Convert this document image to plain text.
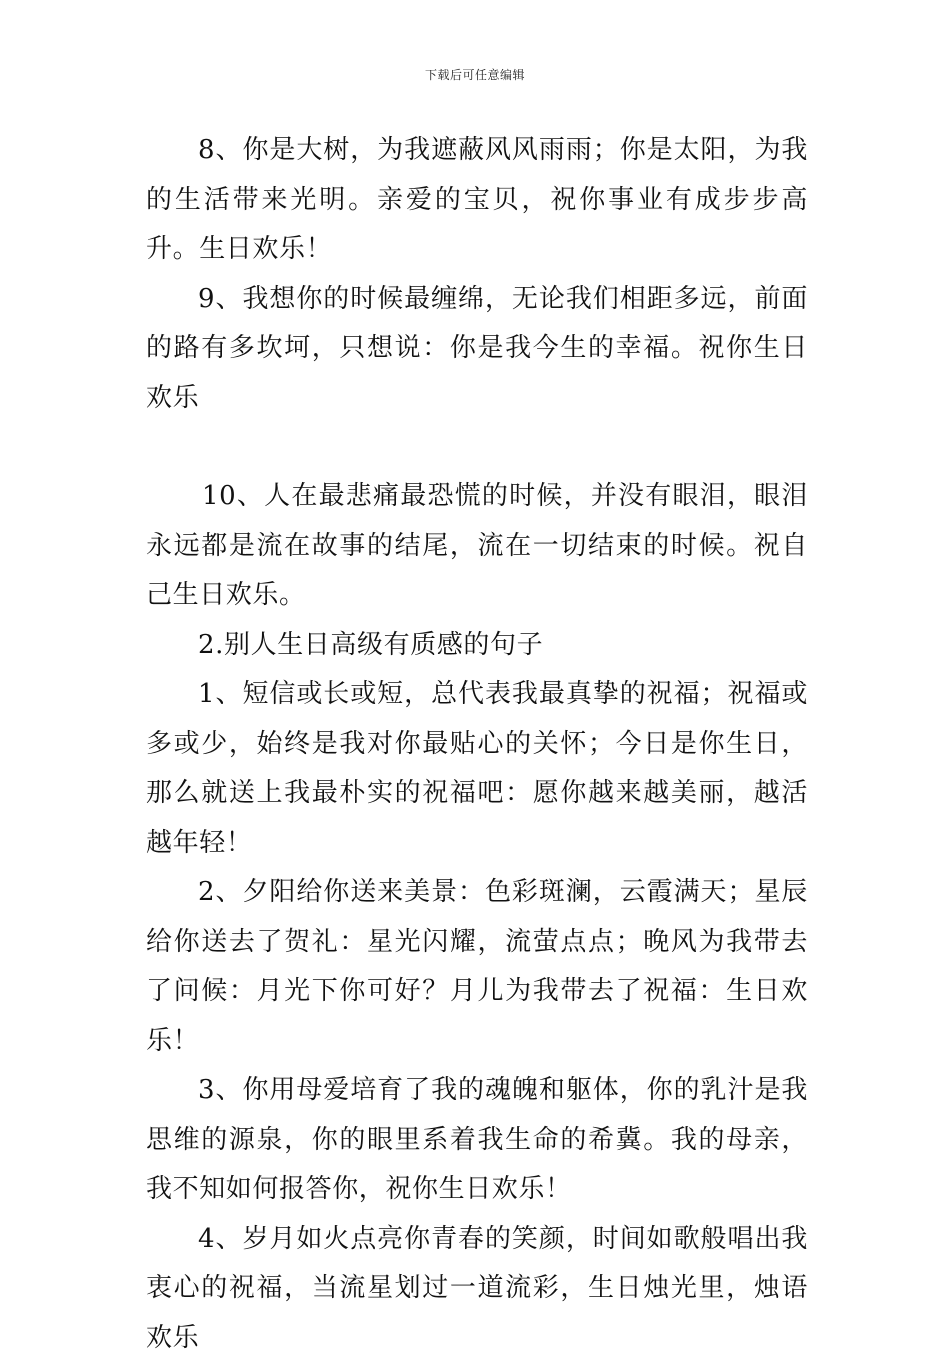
下载后可任意编辑

8、你是大树，为我遮蔽风风雨雨；你是太阳，为我的生活带来光明。亲爱的宝贝，祝你事业有成步步高升。生日欢乐！

9、我想你的时候最缠绵，无论我们相距多远，前面的路有多坎坷，只想说：你是我今生的幸福。祝你生日欢乐

10、人在最悲痛最恐慌的时候，并没有眼泪，眼泪永远都是流在故事的结尾，流在一切结束的时候。祝自己生日欢乐。

2.别人生日高级有质感的句子

1、短信或长或短，总代表我最真挚的祝福；祝福或多或少，始终是我对你最贴心的关怀；今日是你生日，那么就送上我最朴实的祝福吧：愿你越来越美丽，越活越年轻！

2、夕阳给你送来美景：色彩斑澜，云霞满天；星辰给你送去了贺礼：星光闪耀，流萤点点；晚风为我带去了问候：月光下你可好？月儿为我带去了祝福：生日欢乐！

3、你用母爱培育了我的魂魄和躯体，你的乳汁是我思维的源泉，你的眼里系着我生命的希冀。我的母亲，我不知如何报答你，祝你生日欢乐！

4、岁月如火点亮你青春的笑颜，时间如歌般唱出我衷心的祝福，当流星划过一道流彩，生日烛光里，烛语欢乐
